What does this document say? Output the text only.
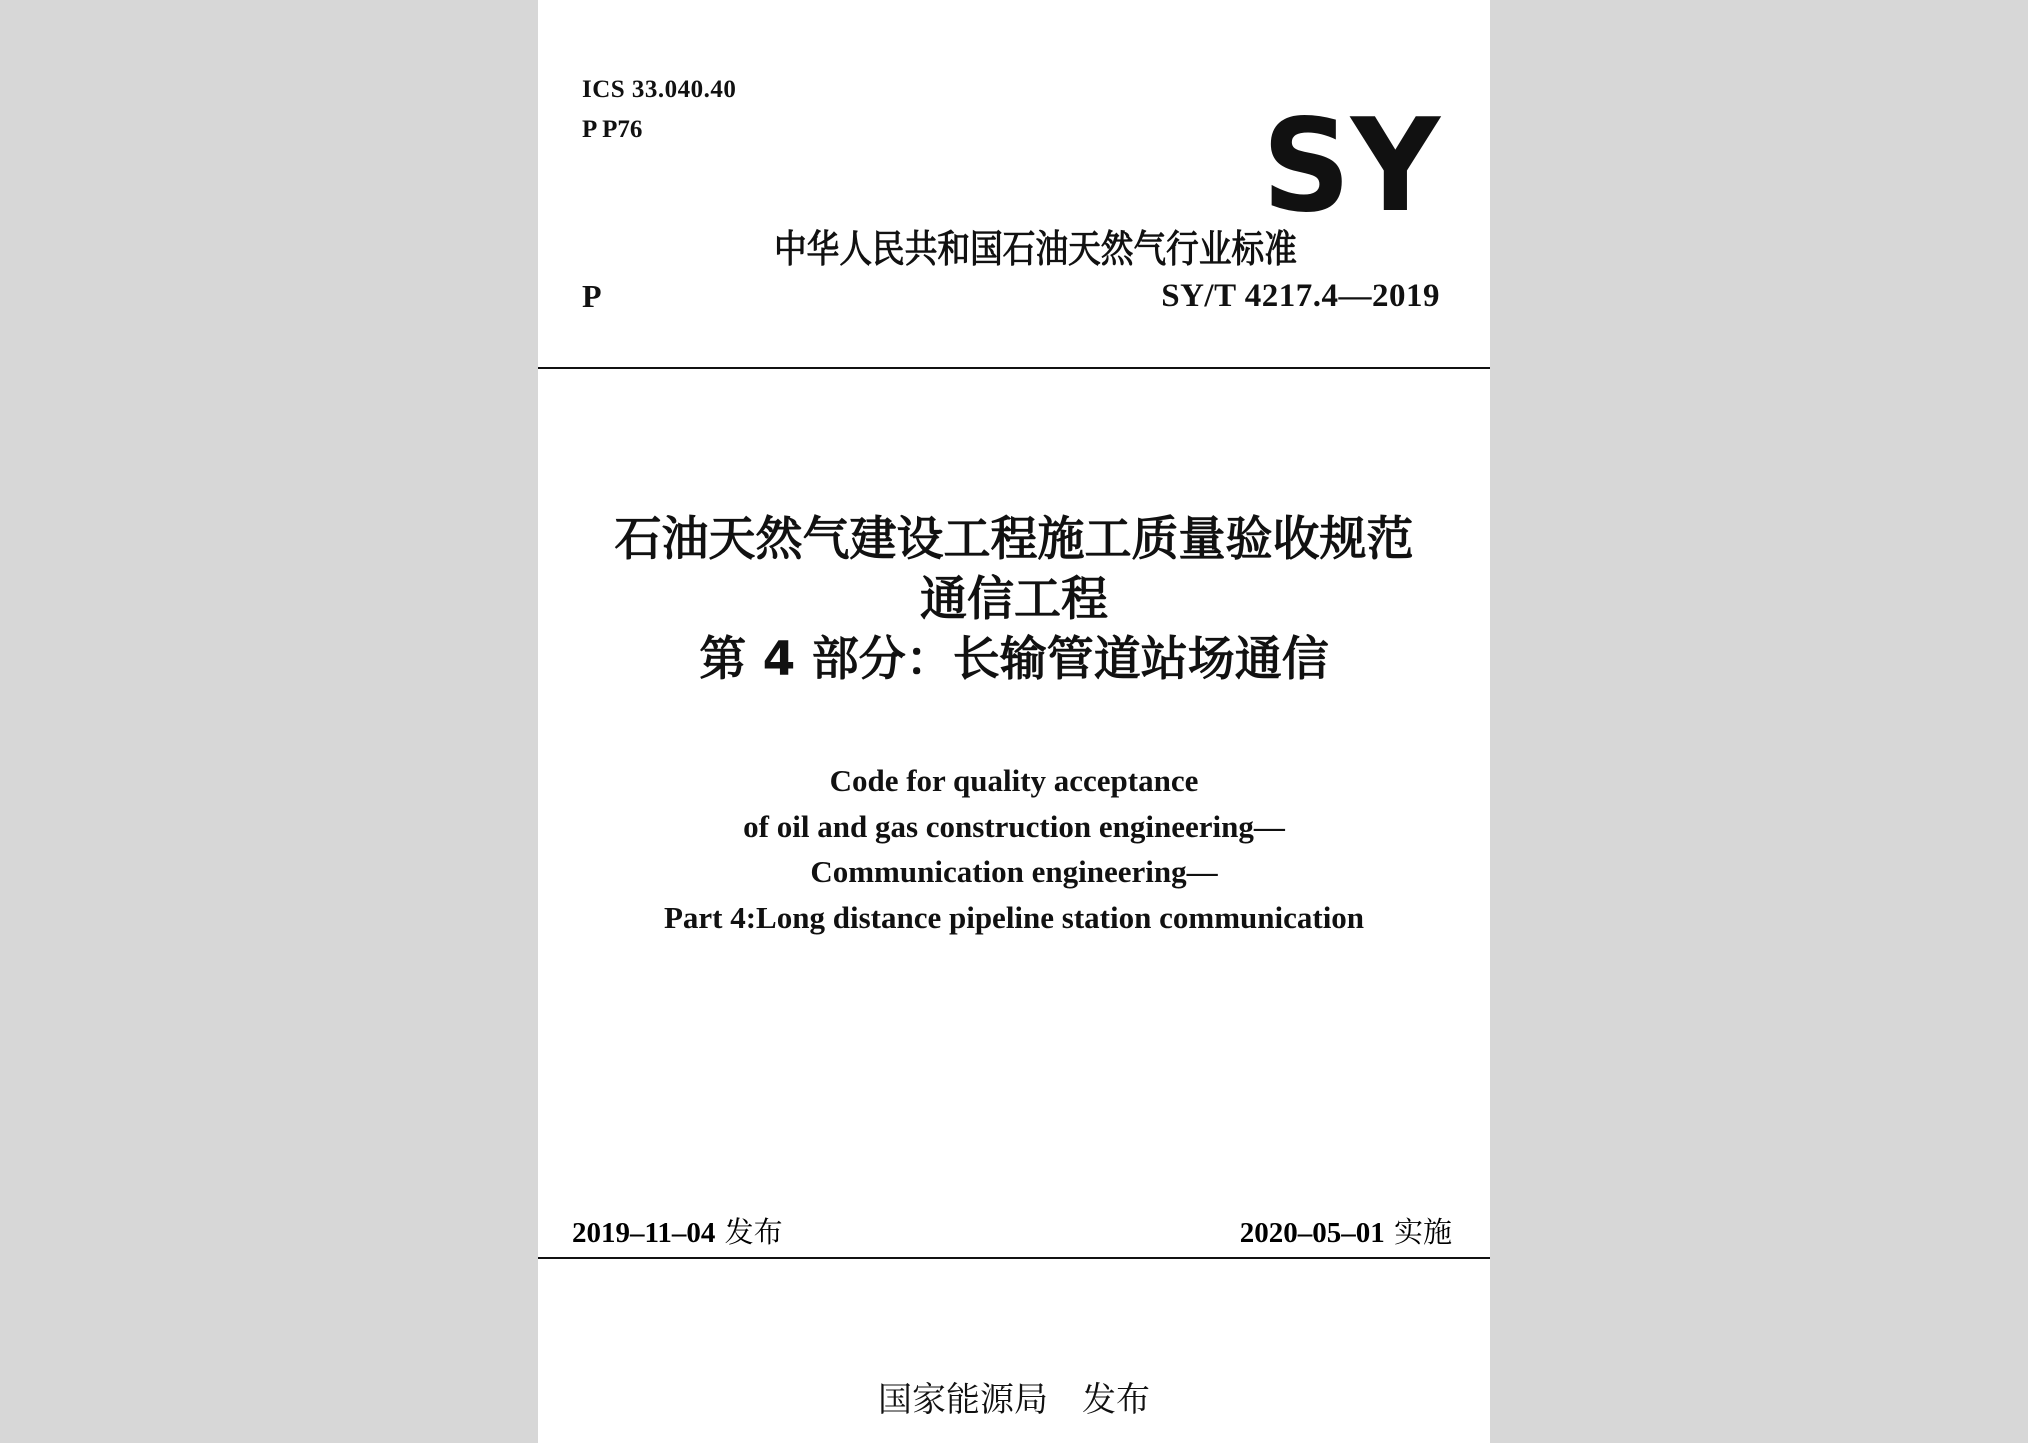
ICS 33.040.40

P P76	SY

中华人民共和国石油天然气行业标准

P	SY/T 4217.4—2019

石油天然气建设工程施工质量验收规范
通信工程
第 4 部分：长输管道站场通信
Code for quality acceptance
of oil and gas construction engineering—
Communication engineering—
Part 4:Long distance pipeline station communication

2019–11–04 发布	2020–05–01 实施

国家能源局　发布
